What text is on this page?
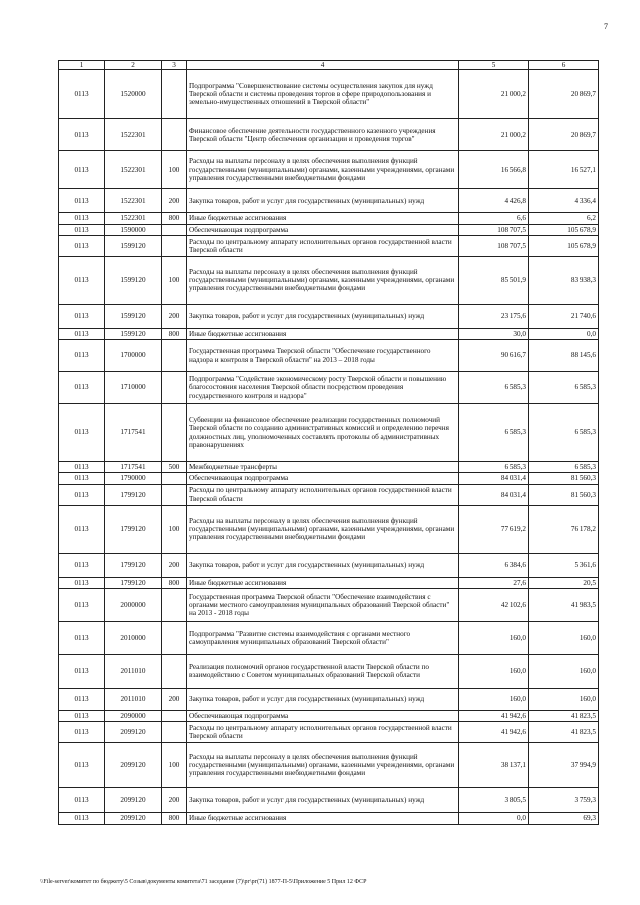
7
1	2	3	4	5	6
0113	1520000		Подпрограмма "Совершенствование системы осуществления закупок для нужд Тверской области и системы проведения торгов в сфере природопользования и земельно-имущественных отношений в Тверской области"	21 000,2	20 869,7
0113	1522301		Финансовое обеспечение деятельности государственного казенного учреждения Тверской области "Центр обеспечения организации и проведения торгов"	21 000,2	20 869,7
0113	1522301	100	Расходы на выплаты персоналу в целях обеспечения выполнения функций государственными (муниципальными) органами, казенными учреждениями, органами управления государственными внебюджетными фондами	16 566,8	16 527,1
0113	1522301	200	Закупка товаров, работ и услуг для государственных (муниципальных) нужд	4 426,8	4 336,4
0113	1522301	800	Иные бюджетные ассигнования	6,6	6,2
0113	1590000		Обеспечивающая подпрограмма	108 707,5	105 678,9
0113	1599120		Расходы по центральному аппарату исполнительных органов государственной власти Тверской области	108 707,5	105 678,9
0113	1599120	100	Расходы на выплаты персоналу в целях обеспечения выполнения функций государственными (муниципальными) органами, казенными учреждениями, органами управления государственными внебюджетными фондами	85 501,9	83 938,3
0113	1599120	200	Закупка товаров, работ и услуг для государственных (муниципальных) нужд	23 175,6	21 740,6
0113	1599120	800	Иные бюджетные ассигнования	30,0	0,0
0113	1700000		Государственная программа Тверской области "Обеспечение государственного надзора и контроля в Тверской области" на 2013 – 2018 годы	90 616,7	88 145,6
0113	1710000		Подпрограмма "Содействие экономическому росту Тверской области и повышению благосостояния населения Тверской области посредством проведения государственного контроля и надзора"	6 585,3	6 585,3
0113	1717541		Субвенции на финансовое обеспечение реализации государственных полномочий Тверской области по созданию административных комиссий и определению перечня должностных лиц, уполномоченных составлять протоколы об административных правонарушениях	6 585,3	6 585,3
0113	1717541	500	Межбюджетные трансферты	6 585,3	6 585,3
0113	1790000		Обеспечивающая подпрограмма	84 031,4	81 560,3
0113	1799120		Расходы по центральному аппарату исполнительных органов государственной власти Тверской области	84 031,4	81 560,3
0113	1799120	100	Расходы на выплаты персоналу в целях обеспечения выполнения функций государственными (муниципальными) органами, казенными учреждениями, органами управления государственными внебюджетными фондами	77 619,2	76 178,2
0113	1799120	200	Закупка товаров, работ и услуг для государственных (муниципальных) нужд	6 384,6	5 361,6
0113	1799120	800	Иные бюджетные ассигнования	27,6	20,5
0113	2000000		Государственная программа Тверской области "Обеспечение взаимодействия с органами местного самоуправления муниципальных образований Тверской области" на 2013 - 2018 годы	42 102,6	41 983,5
0113	2010000		Подпрограмма "Развитие системы взаимодействия с органами местного самоуправления муниципальных образований Тверской области"	160,0	160,0
0113	2011010		Реализация полномочий органов государственной власти Тверской области по взаимодействию с Советом муниципальных образований Тверской области	160,0	160,0
0113	2011010	200	Закупка товаров, работ и услуг для государственных (муниципальных) нужд	160,0	160,0
0113	2090000		Обеспечивающая подпрограмма	41 942,6	41 823,5
0113	2099120		Расходы по центральному аппарату исполнительных органов государственной власти Тверской области	41 942,6	41 823,5
0113	2099120	100	Расходы на выплаты персоналу в целях обеспечения выполнения функций государственными (муниципальными) органами, казенными учреждениями, органами управления государственными внебюджетными фондами	38 137,1	37 994,9
0113	2099120	200	Закупка товаров, работ и услуг для государственных (муниципальных) нужд	3 805,5	3 759,3
0113	2099120	800	Иные бюджетные ассигнования	0,0	69,3
\\File-server\комитет по бюджету\5 Созыв\документы комитета\71 заседание (7)\рг\рг(71) 1877-П-5\Приложение 5 Прил 12 ФСР
